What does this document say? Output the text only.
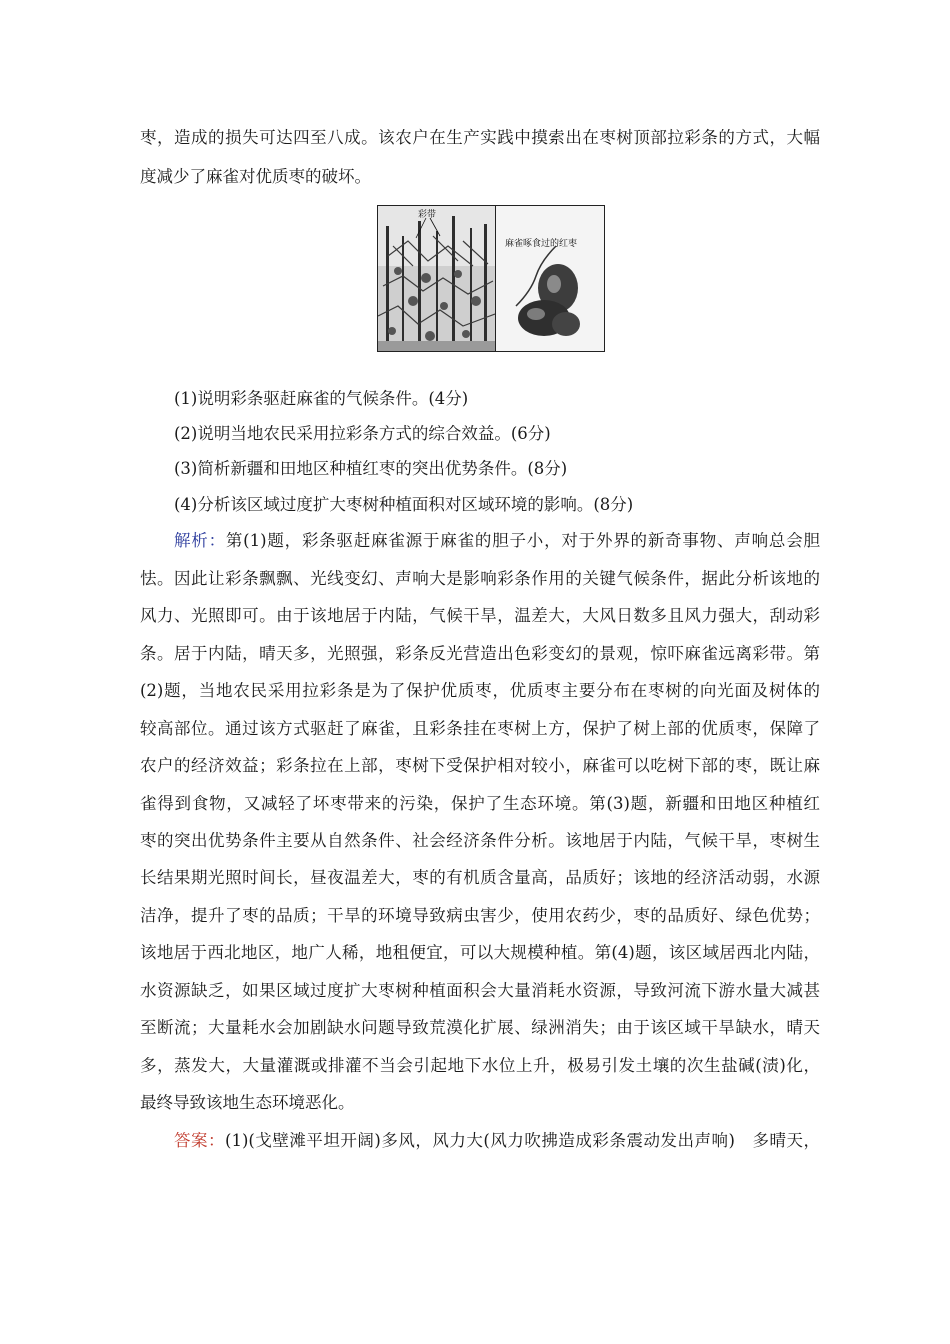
枣，造成的损失可达四至八成。该农户在生产实践中摸索出在枣树顶部拉彩条的方式，大幅
度减少了麻雀对优质枣的破坏。
彩带
麻雀啄食过的红枣
(1)说明彩条驱赶麻雀的气候条件。(4分)
(2)说明当地农民采用拉彩条方式的综合效益。(6分)
(3)简析新疆和田地区种植红枣的突出优势条件。(8分)
(4)分析该区域过度扩大枣树种植面积对区域环境的影响。(8分)
解析：第(1)题，彩条驱赶麻雀源于麻雀的胆子小，对于外界的新奇事物、声响总会胆
怯。因此让彩条飘飘、光线变幻、声响大是影响彩条作用的关键气候条件，据此分析该地的
风力、光照即可。由于该地居于内陆，气候干旱，温差大，大风日数多且风力强大，刮动彩
条。居于内陆，晴天多，光照强，彩条反光营造出色彩变幻的景观，惊吓麻雀远离彩带。第
(2)题，当地农民采用拉彩条是为了保护优质枣，优质枣主要分布在枣树的向光面及树体的
较高部位。通过该方式驱赶了麻雀，且彩条挂在枣树上方，保护了树上部的优质枣，保障了
农户的经济效益；彩条拉在上部，枣树下受保护相对较小，麻雀可以吃树下部的枣，既让麻
雀得到食物，又减轻了坏枣带来的污染，保护了生态环境。第(3)题，新疆和田地区种植红
枣的突出优势条件主要从自然条件、社会经济条件分析。该地居于内陆，气候干旱，枣树生
长结果期光照时间长，昼夜温差大，枣的有机质含量高，品质好；该地的经济活动弱，水源
洁净，提升了枣的品质；干旱的环境导致病虫害少，使用农药少，枣的品质好、绿色优势；
该地居于西北地区，地广人稀，地租便宜，可以大规模种植。第(4)题，该区域居西北内陆，
水资源缺乏，如果区域过度扩大枣树种植面积会大量消耗水资源，导致河流下游水量大减甚
至断流；大量耗水会加剧缺水问题导致荒漠化扩展、绿洲消失；由于该区域干旱缺水，晴天
多，蒸发大，大量灌溉或排灌不当会引起地下水位上升，极易引发土壤的次生盐碱(渍)化，
最终导致该地生态环境恶化。
答案：(1)(戈壁滩平坦开阔)多风，风力大(风力吹拂造成彩条震动发出声响)　多晴天，
